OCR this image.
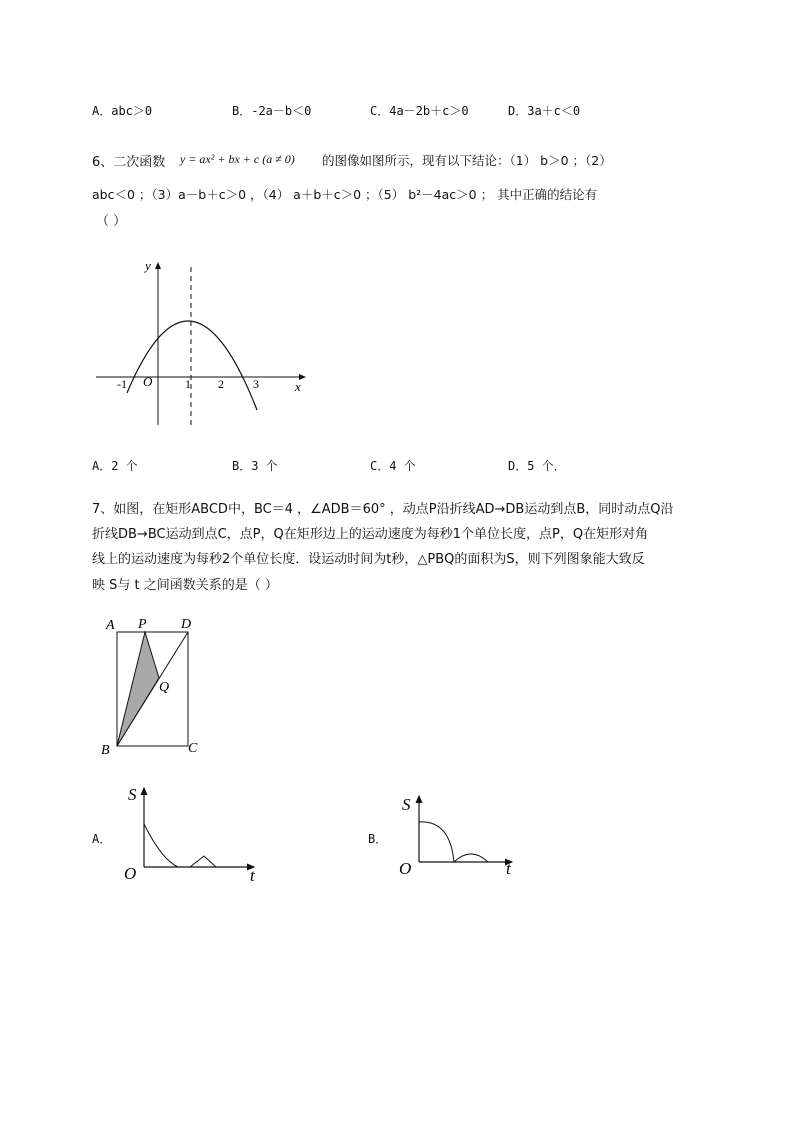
A．abc＞0	B．-2a－b＜0	C．4a－2b＋c＞0	D．3a＋c＜0
6、二次函数 y = ax² + bx + c (a ≠ 0) 的图像如图所示，现有以下结论：（1） b＞0 ；（2）
abc＜0 ；（3）a－b＋c＞0 ，（4） a＋b＋c＞0 ；（5） b²－4ac＞0 ； 其中正确的结论有
（ ）
y
x
O
-1	1 2 3
A．2 个	B．3 个	C．4 个	D．5 个．
7、如图，在矩形ABCD中，BC＝4 ，∠ADB＝60° ，动点P沿折线AD→DB运动到点B，同时动点Q沿
折线DB→BC运动到点C，点P，Q在矩形边上的运动速度为每秒1个单位长度，点P，Q在矩形对角
线上的运动速度为每秒2个单位长度．设运动时间为t秒，△PBQ的面积为S，则下列图象能大致反
映 S与 t 之间函数关系的是（ ）
A P D
Q
B	C
A．
S
O	t
B．
S
O	t
